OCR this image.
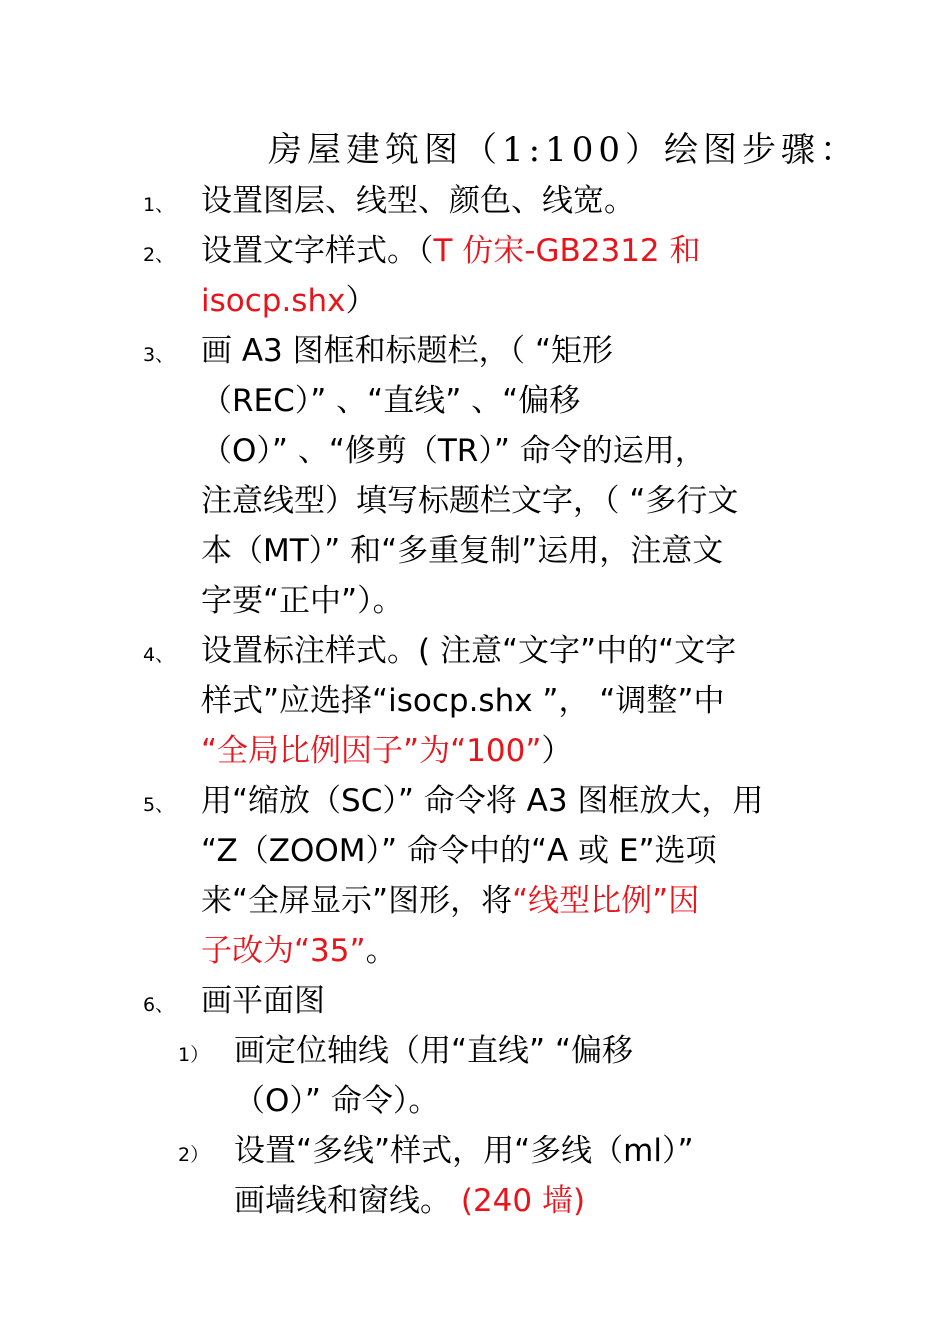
房屋建筑图（1:100）绘图步骤：
1、 设置图层、线型、颜色、线宽。
2、 设置文字样式。（T 仿宋-GB2312 和
isocp.shx）
3、 画 A3 图框和标题栏，（ “矩形
（REC）” 、“直线” 、“偏移
（O）” 、“修剪（TR）” 命令的运用，
注意线型）填写标题栏文字，（ “多行文
本（MT）” 和“多重复制”运用，注意文
字要“正中”）。
4、 设置标注样式。( 注意“文字”中的“文字
样式”应选择“isocp.shx ”， “调整”中
“全局比例因子”为“100”）
5、 用“缩放（SC）” 命令将 A3 图框放大，用
“Z（ZOOM）” 命令中的“A 或 E”选项
来“全屏显示”图形，将“线型比例”因
子改为“35”。
6、 画平面图
1） 画定位轴线（用“直线” “偏移
（O）” 命令）。
2） 设置“多线”样式，用“多线（ml）”
画墙线和窗线。 (240 墙)
